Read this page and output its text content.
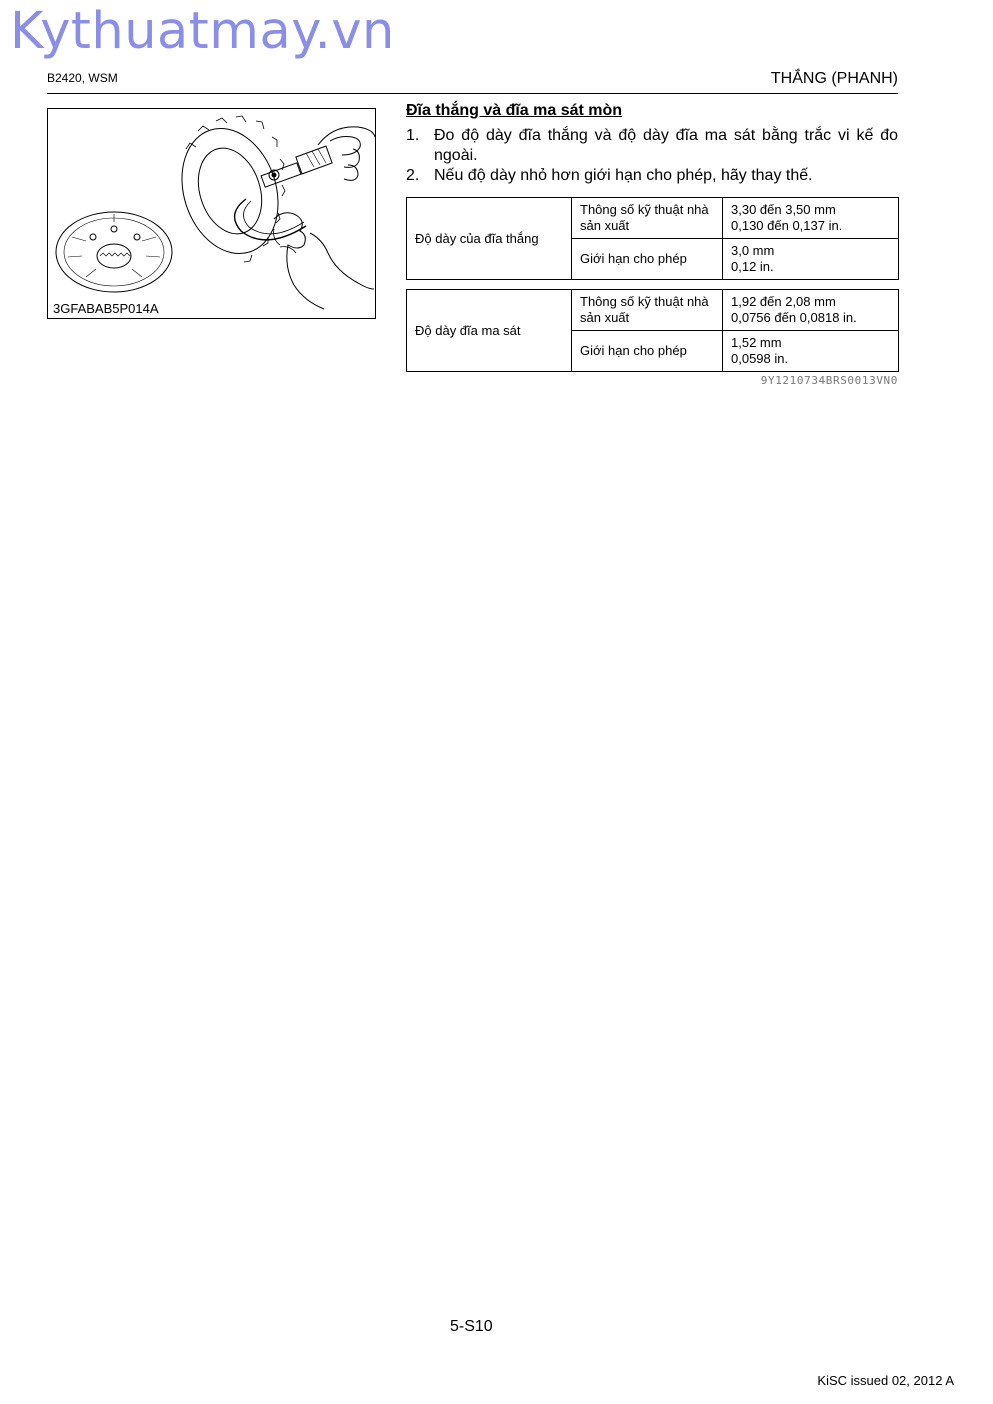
Kythuatmay.vn
B2420, WSM	THẮNG (PHANH)
3GFABAB5P014A
Đĩa thắng và đĩa ma sát mòn
1. Đo độ dày đĩa thắng và độ dày đĩa ma sát bằng trắc vi kế đo ngoài.
2. Nếu độ dày nhỏ hơn giới hạn cho phép, hãy thay thế.
Độ dày của đĩa thắng	Thông số kỹ thuật nhà sản xuất	3,30 đến 3,50 mm
0,130 đến 0,137 in.

	Giới hạn cho phép	3,0 mm
0,12 in.
Độ dày đĩa ma sát	Thông số kỹ thuật nhà sản xuất	1,92 đến 2,08 mm
0,0756 đến 0,0818 in.

	Giới hạn cho phép	1,52 mm
0,0598 in.
9Y1210734BRS0013VN0
5-S10
KiSC issued 02, 2012 A
